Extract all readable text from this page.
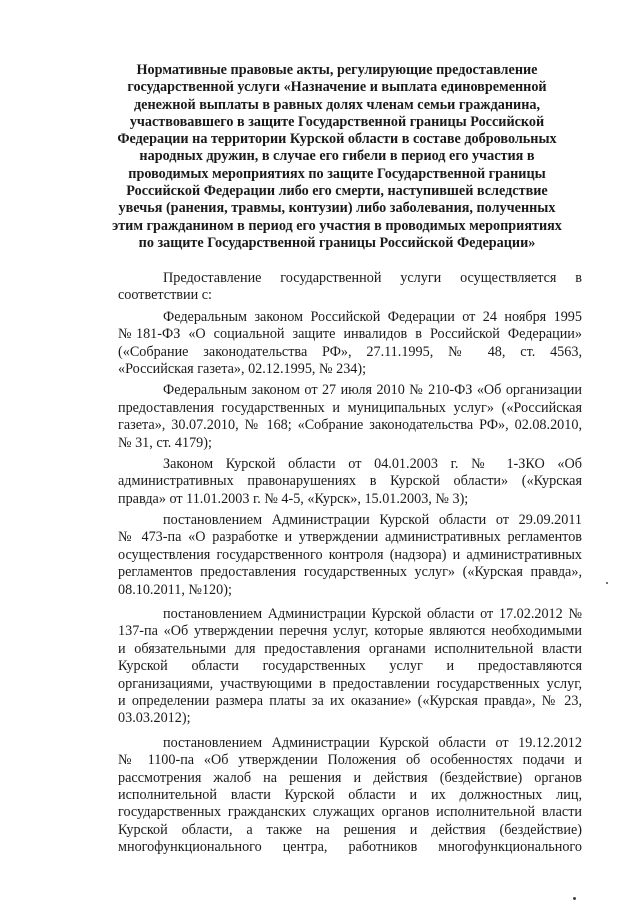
Нормативные правовые акты, регулирующие предоставление
государственной услуги «Назначение и выплата единовременной
денежной выплаты в равных долях членам семьи гражданина,
участвовавшего в защите Государственной границы Российской
Федерации на территории Курской области в составе добровольных
народных дружин, в случае его гибели в период его участия в
проводимых мероприятиях по защите Государственной границы
Российской Федерации либо его смерти, наступившей вследствие
увечья (ранения, травмы, контузии) либо заболевания, полученных
этим гражданином в период его участия в проводимых мероприятиях
по защите Государственной границы Российской Федерации»
Предоставление государственной услуги осуществляется в
соответствии с:
Федеральным законом Российской Федерации от 24 ноября 1995
№181-ФЗ «О социальной защите инвалидов в Российской Федерации»
(«Собрание законодательства РФ», 27.11.1995, № 48, ст. 4563,
«Российская газета», 02.12.1995, № 234);
Федеральным законом от 27 июля 2010 № 210-ФЗ «Об организации
предоставления государственных и муниципальных услуг» («Российская
газета», 30.07.2010, № 168; «Собрание законодательства РФ», 02.08.2010,
№ 31, ст. 4179);
Законом Курской области от 04.01.2003 г. № 1-ЗКО «Об
административных правонарушениях в Курской области» («Курская
правда» от 11.01.2003 г. № 4-5, «Курск», 15.01.2003, № 3);
постановлением Администрации Курской области от 29.09.2011
№ 473-па «О разработке и утверждении административных регламентов
осуществления государственного контроля (надзора) и административных
регламентов предоставления государственных услуг» («Курская правда»,
08.10.2011, №120);
постановлением Администрации Курской области от 17.02.2012 №
137-па «Об утверждении перечня услуг, которые являются необходимыми
и обязательными для предоставления органами исполнительной власти
Курской области государственных услуг и предоставляются
организациями, участвующими в предоставлении государственных услуг,
и определении размера платы за их оказание» («Курская правда», № 23,
03.03.2012);
постановлением Администрации Курской области от 19.12.2012
№ 1100-па «Об утверждении Положения об особенностях подачи и
рассмотрения жалоб на решения и действия (бездействие) органов
исполнительной власти Курской области и их должностных лиц,
государственных гражданских служащих органов исполнительной власти
Курской области, а также на решения и действия (бездействие)
многофункционального центра, работников многофункционального
